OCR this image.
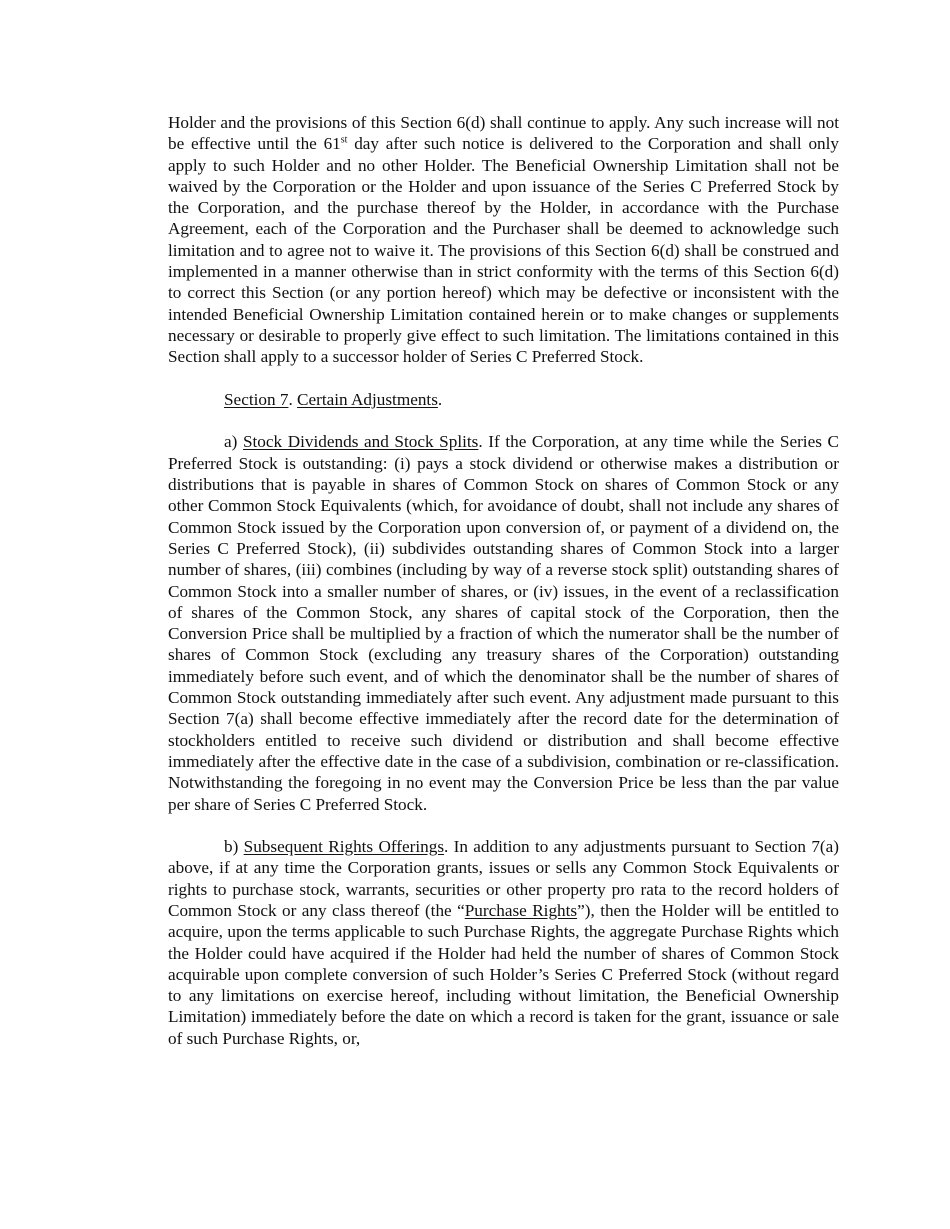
Holder and the provisions of this Section 6(d) shall continue to apply. Any such increase will not be effective until the 61st day after such notice is delivered to the Corporation and shall only apply to such Holder and no other Holder. The Beneficial Ownership Limitation shall not be waived by the Corporation or the Holder and upon issuance of the Series C Preferred Stock by the Corporation, and the purchase thereof by the Holder, in accordance with the Purchase Agreement, each of the Corporation and the Purchaser shall be deemed to acknowledge such limitation and to agree not to waive it. The provisions of this Section 6(d) shall be construed and implemented in a manner otherwise than in strict conformity with the terms of this Section 6(d) to correct this Section (or any portion hereof) which may be defective or inconsistent with the intended Beneficial Ownership Limitation contained herein or to make changes or supplements necessary or desirable to properly give effect to such limitation. The limitations contained in this Section shall apply to a successor holder of Series C Preferred Stock.

Section 7. Certain Adjustments.

a) Stock Dividends and Stock Splits. If the Corporation, at any time while the Series C Preferred Stock is outstanding: (i) pays a stock dividend or otherwise makes a distribution or distributions that is payable in shares of Common Stock on shares of Common Stock or any other Common Stock Equivalents (which, for avoidance of doubt, shall not include any shares of Common Stock issued by the Corporation upon conversion of, or payment of a dividend on, the Series C Preferred Stock), (ii) subdivides outstanding shares of Common Stock into a larger number of shares, (iii) combines (including by way of a reverse stock split) outstanding shares of Common Stock into a smaller number of shares, or (iv) issues, in the event of a reclassification of shares of the Common Stock, any shares of capital stock of the Corporation, then the Conversion Price shall be multiplied by a fraction of which the numerator shall be the number of shares of Common Stock (excluding any treasury shares of the Corporation) outstanding immediately before such event, and of which the denominator shall be the number of shares of Common Stock outstanding immediately after such event. Any adjustment made pursuant to this Section 7(a) shall become effective immediately after the record date for the determination of stockholders entitled to receive such dividend or distribution and shall become effective immediately after the effective date in the case of a subdivision, combination or re-classification. Notwithstanding the foregoing in no event may the Conversion Price be less than the par value per share of Series C Preferred Stock.

b) Subsequent Rights Offerings. In addition to any adjustments pursuant to Section 7(a) above, if at any time the Corporation grants, issues or sells any Common Stock Equivalents or rights to purchase stock, warrants, securities or other property pro rata to the record holders of Common Stock or any class thereof (the “Purchase Rights”), then the Holder will be entitled to acquire, upon the terms applicable to such Purchase Rights, the aggregate Purchase Rights which the Holder could have acquired if the Holder had held the number of shares of Common Stock acquirable upon complete conversion of such Holder’s Series C Preferred Stock (without regard to any limitations on exercise hereof, including without limitation, the Beneficial Ownership Limitation) immediately before the date on which a record is taken for the grant, issuance or sale of such Purchase Rights, or,
